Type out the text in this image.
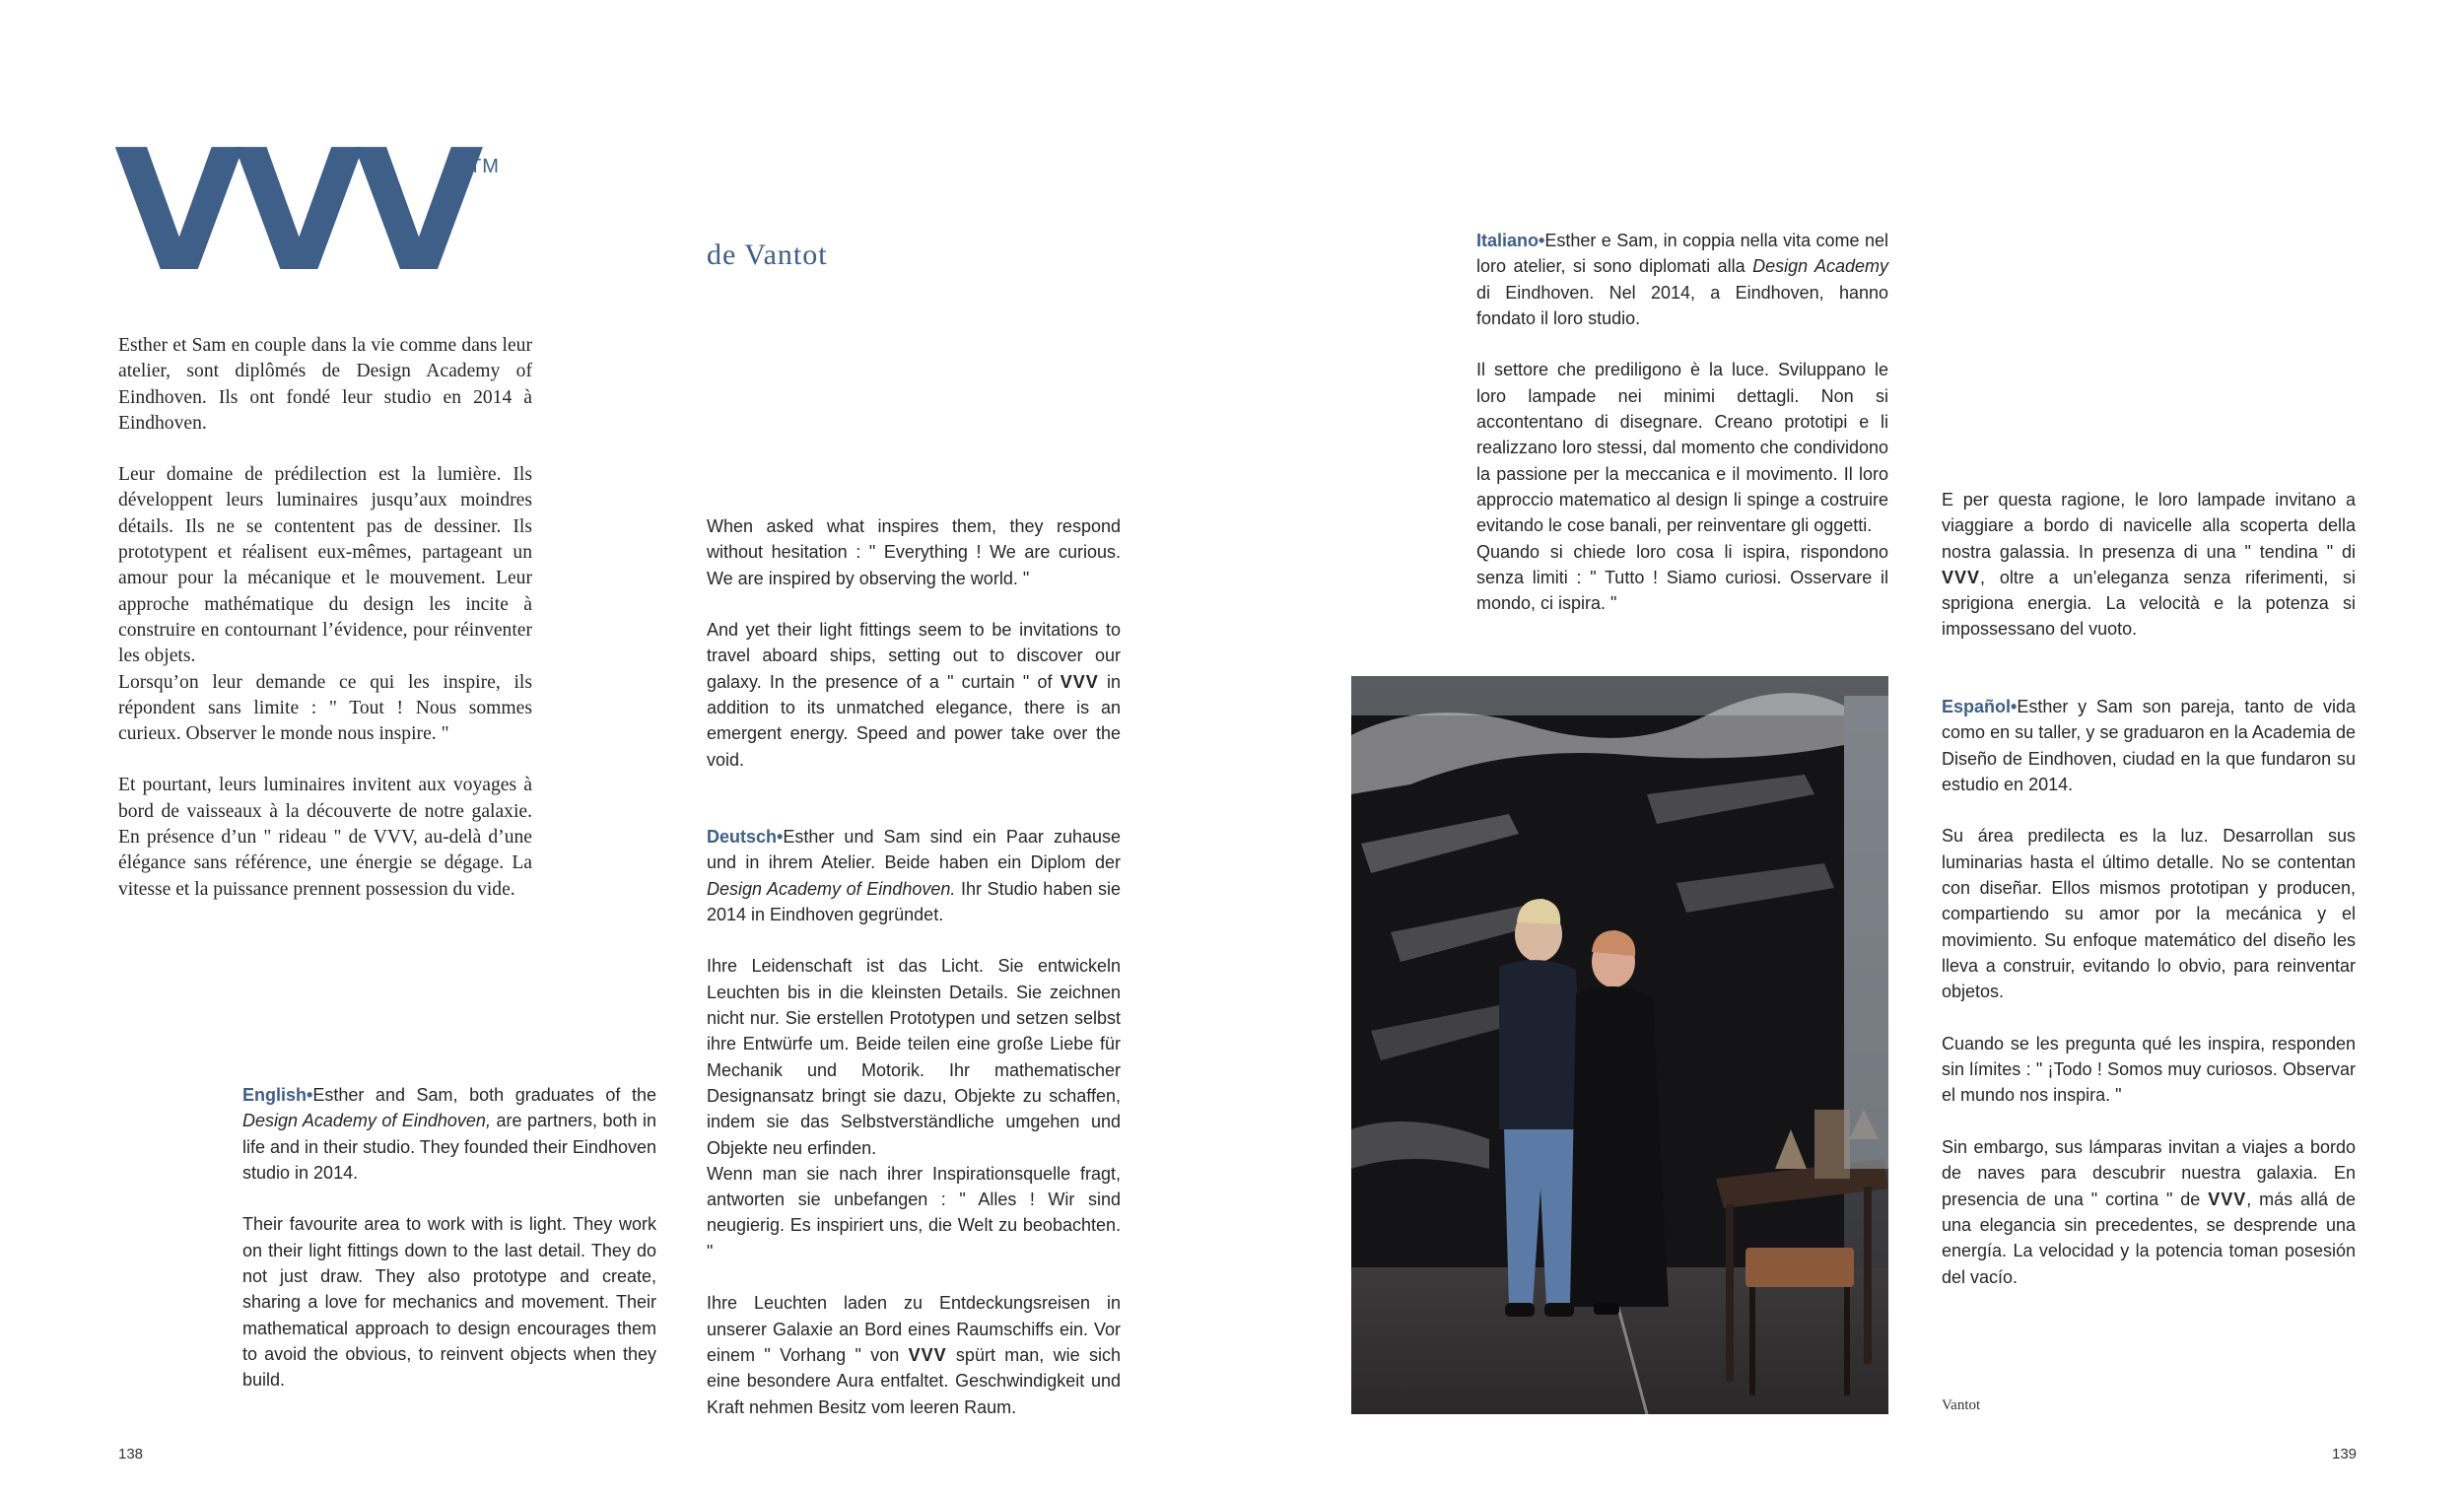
VVV
TM
de Vantot

Esther et Sam en couple dans la vie comme dans leur atelier, sont diplômés de Design Academy of Eindhoven. Ils ont fondé leur studio en 2014 à Eindhoven.

Leur domaine de prédilection est la lumière. Ils développent leurs luminaires jusqu’aux moindres détails. Ils ne se contentent pas de dessiner. Ils prototypent et réalisent eux-mêmes, partageant un amour pour la mécanique et le mouvement. Leur approche mathématique du design les incite à construire en contournant l’évidence, pour réinventer les objets.

Lorsqu’on leur demande ce qui les inspire, ils répondent sans limite : " Tout ! Nous sommes curieux. Observer le monde nous inspire. "

Et pourtant, leurs luminaires invitent aux voyages à bord de vaisseaux à la découverte de notre galaxie. En présence d’un " rideau " de VVV, au-delà d’une élégance sans référence, une énergie se dégage. La vitesse et la puissance prennent possession du vide.

English•Esther and Sam, both graduates of the Design Academy of Eindhoven, are partners, both in life and in their studio. They founded their Eindhoven studio in 2014.

Their favourite area to work with is light. They work on their light fittings down to the last detail. They do not just draw. They also prototype and create, sharing a love for mechanics and movement. Their mathematical approach to design encourages them to avoid the obvious, to reinvent objects when they build.

When asked what inspires them, they respond without hesitation : " Everything ! We are curious. We are inspired by observing the world. "

And yet their light fittings seem to be invitations to travel aboard ships, setting out to discover our galaxy. In the presence of a " curtain " of VVV in addition to its unmatched elegance, there is an emergent energy. Speed and power take over the void.

Deutsch•Esther und Sam sind ein Paar zuhause und in ihrem Atelier. Beide haben ein Diplom der Design Academy of Eindhoven. Ihr Studio haben sie 2014 in Eindhoven gegründet.

Ihre Leidenschaft ist das Licht. Sie entwickeln Leuchten bis in die kleinsten Details. Sie zeichnen nicht nur. Sie erstellen Prototypen und setzen selbst ihre Entwürfe um. Beide teilen eine große Liebe für Mechanik und Motorik. Ihr mathematischer Designansatz bringt sie dazu, Objekte zu schaffen, indem sie das Selbstverständliche umgehen und Objekte neu erfinden.

Wenn man sie nach ihrer Inspirationsquelle fragt, antworten sie unbefangen : " Alles ! Wir sind neugierig. Es inspiriert uns, die Welt zu beobachten. "

Ihre Leuchten laden zu Entdeckungsreisen in unserer Galaxie an Bord eines Raumschiffs ein. Vor einem " Vorhang " von VVV spürt man, wie sich eine besondere Aura entfaltet. Geschwindigkeit und Kraft nehmen Besitz vom leeren Raum.

Italiano•Esther e Sam, in coppia nella vita come nel loro atelier, si sono diplomati alla Design Academy di Eindhoven. Nel 2014, a Eindhoven, hanno fondato il loro studio.

Il settore che prediligono è la luce. Sviluppano le loro lampade nei minimi dettagli. Non si accontentano di disegnare. Creano prototipi e li realizzano loro stessi, dal momento che condividono la passione per la meccanica e il movimento. Il loro approccio matematico al design li spinge a costruire evitando le cose banali, per reinventare gli oggetti.

Quando si chiede loro cosa li ispira, rispondono senza limiti : " Tutto ! Siamo curiosi. Osservare il mondo, ci ispira. "

E per questa ragione, le loro lampade invitano a viaggiare a bordo di navicelle alla scoperta della nostra galassia. In presenza di una " tendina " di VVV, oltre a un’eleganza senza riferimenti, si sprigiona energia. La velocità e la potenza si impossessano del vuoto.

Español•Esther y Sam son pareja, tanto de vida como en su taller, y se graduaron en la Academia de Diseño de Eindhoven, ciudad en la que fundaron su estudio en 2014.

Su área predilecta es la luz. Desarrollan sus luminarias hasta el último detalle. No se contentan con diseñar. Ellos mismos prototipan y producen, compartiendo su amor por la mecánica y el movimiento. Su enfoque matemático del diseño les lleva a construir, evitando lo obvio, para reinventar objetos.

Cuando se les pregunta qué les inspira, responden sin límites : " ¡Todo ! Somos muy curiosos. Observar el mundo nos inspira. "

Sin embargo, sus lámparas invitan a viajes a bordo de naves para descubrir nuestra galaxia. En presencia de una " cortina " de VVV, más allá de una elegancia sin precedentes, se desprende una energía. La velocidad y la potencia toman posesión del vacío.

Vantot
138	139
